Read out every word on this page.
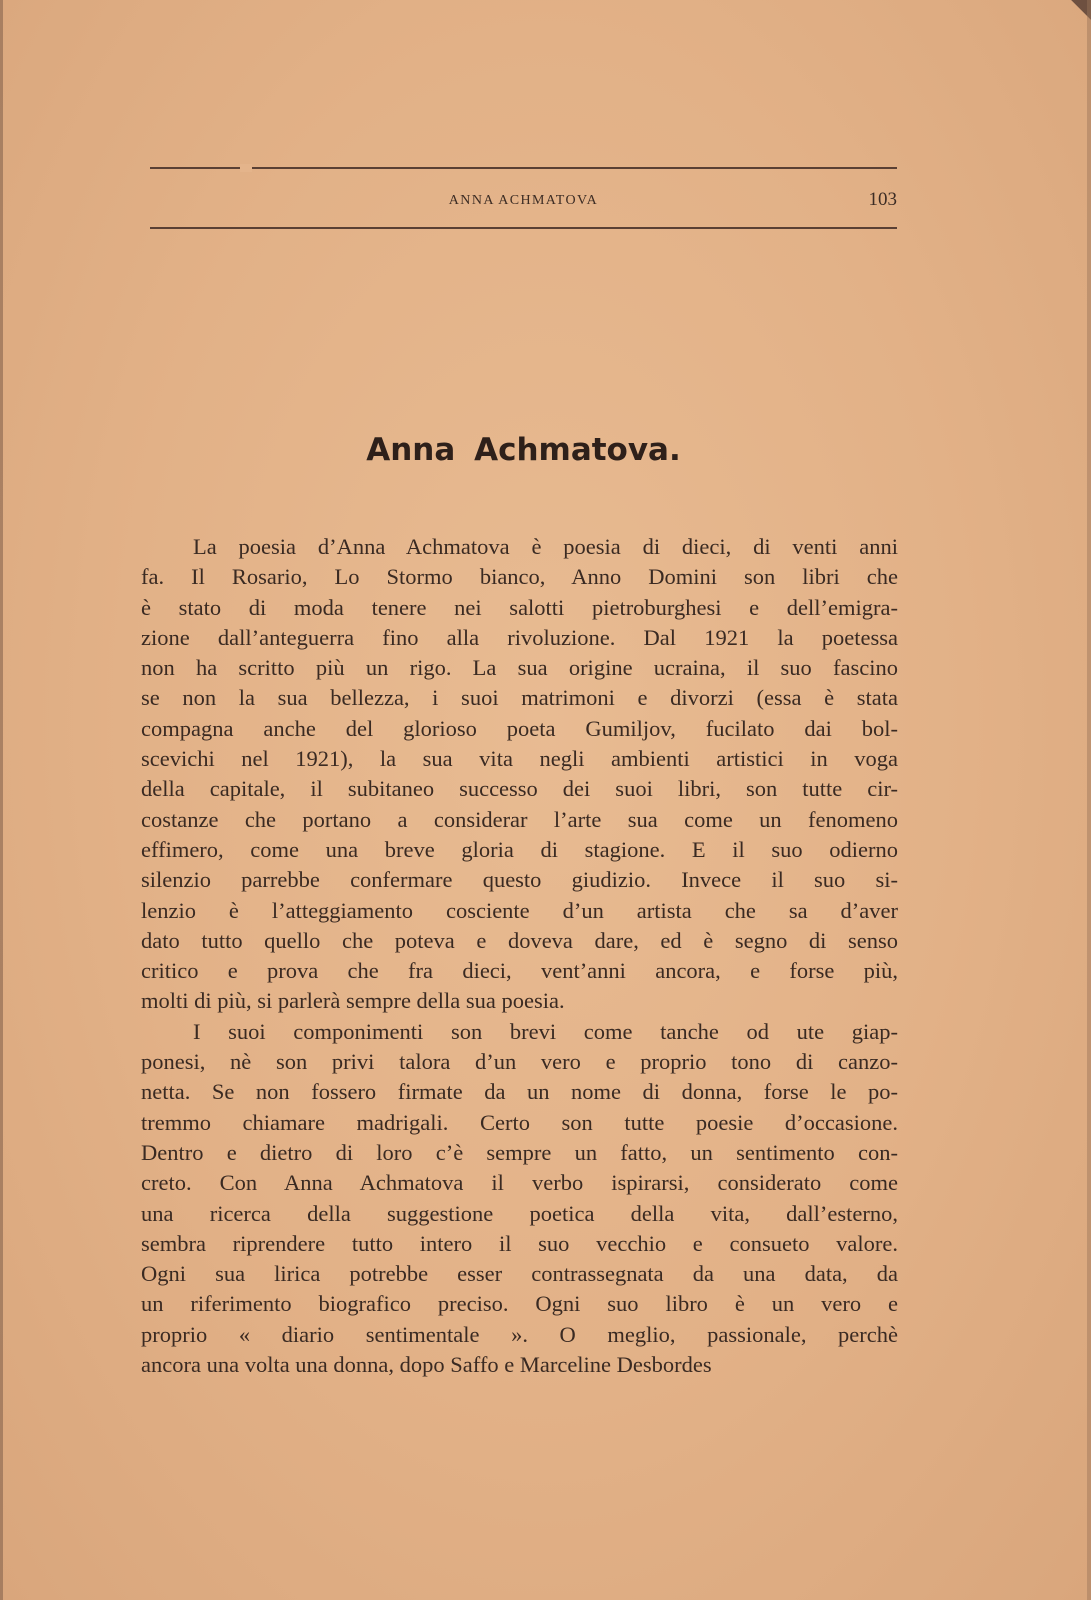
ANNA ACHMATOVA	103
Anna Achmatova.
La poesia d’Anna Achmatova è poesia di dieci, di venti anni
fa. Il Rosario, Lo Stormo bianco, Anno Domini son libri che
è stato di moda tenere nei salotti pietroburghesi e dell’emigra-
zione dall’anteguerra fino alla rivoluzione. Dal 1921 la poetessa
non ha scritto più un rigo. La sua origine ucraina, il suo fascino
se non la sua bellezza, i suoi matrimoni e divorzi (essa è stata
compagna anche del glorioso poeta Gumiljov, fucilato dai bol-
scevichi nel 1921), la sua vita negli ambienti artistici in voga
della capitale, il subitaneo successo dei suoi libri, son tutte cir-
costanze che portano a considerar l’arte sua come un fenomeno
effimero, come una breve gloria di stagione. E il suo odierno
silenzio parrebbe confermare questo giudizio. Invece il suo si-
lenzio è l’atteggiamento cosciente d’un artista che sa d’aver
dato tutto quello che poteva e doveva dare, ed è segno di senso
critico e prova che fra dieci, vent’anni ancora, e forse più,
molti di più, si parlerà sempre della sua poesia.
I suoi componimenti son brevi come tanche od ute giap-
ponesi, nè son privi talora d’un vero e proprio tono di canzo-
netta. Se non fossero firmate da un nome di donna, forse le po-
tremmo chiamare madrigali. Certo son tutte poesie d’occasione.
Dentro e dietro di loro c’è sempre un fatto, un sentimento con-
creto. Con Anna Achmatova il verbo ispirarsi, considerato come
una ricerca della suggestione poetica della vita, dall’esterno,
sembra riprendere tutto intero il suo vecchio e consueto valore.
Ogni sua lirica potrebbe esser contrassegnata da una data, da
un riferimento biografico preciso. Ogni suo libro è un vero e
proprio « diario sentimentale ». O meglio, passionale, perchè
ancora una volta una donna, dopo Saffo e Marceline Desbordes
